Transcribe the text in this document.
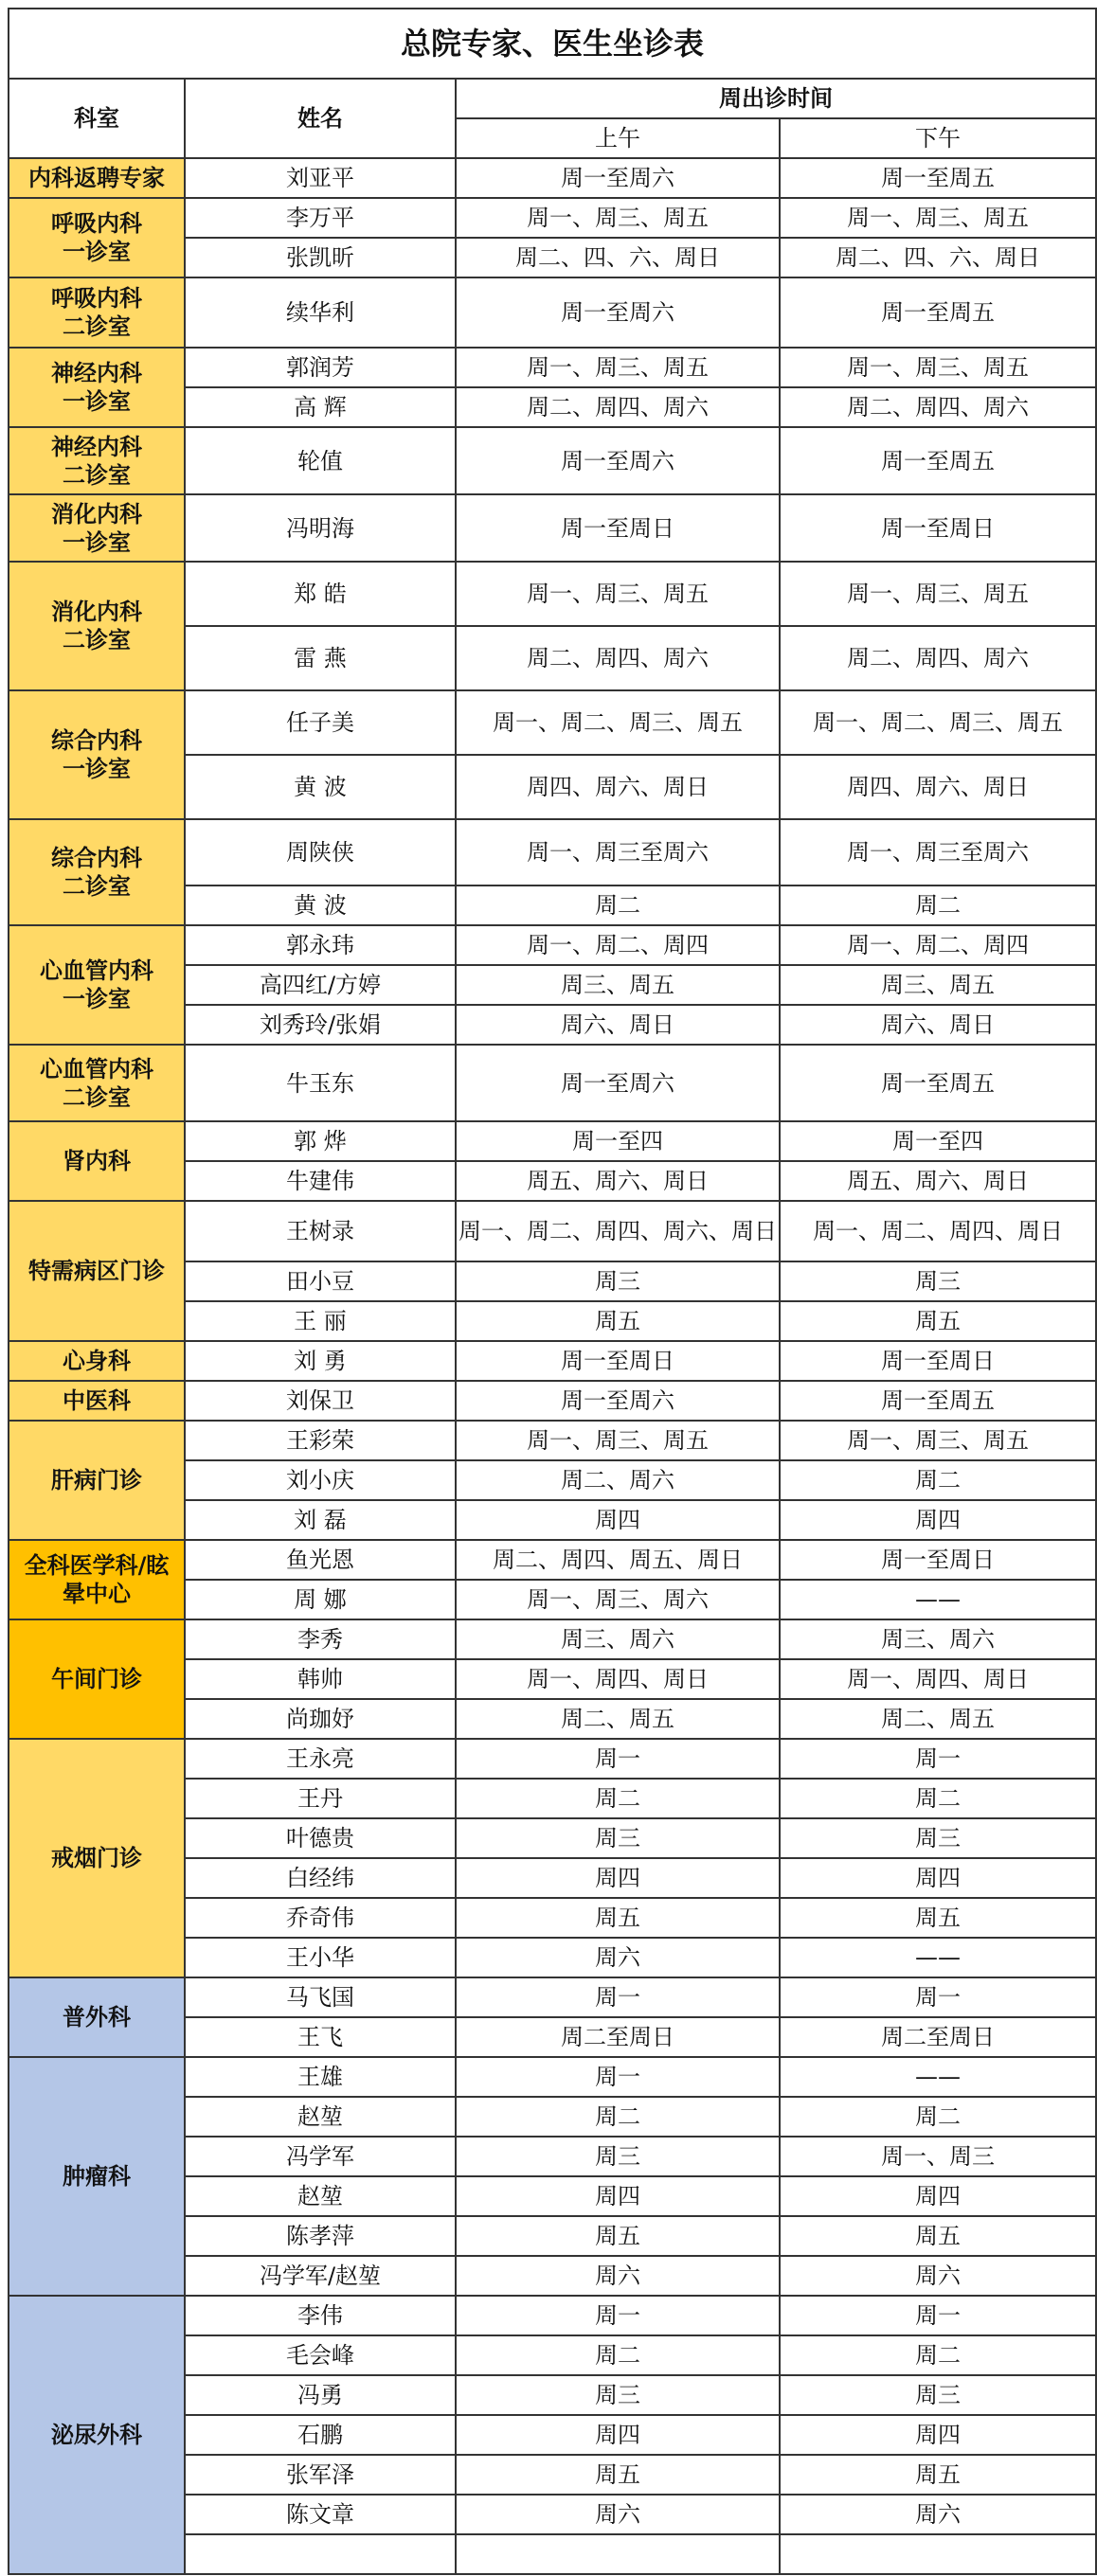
总院专家、医生坐诊表			
科室	姓名	周出诊时间	
		上午	下午
内科返聘专家	刘亚平	周一至周六	周一至周五
呼吸内科
一诊室	李万平	周一、周三、周五	周一、周三、周五
	张凯昕	周二、四、六、周日	周二、四、六、周日
呼吸内科
二诊室	续华利	周一至周六	周一至周五
神经内科
一诊室	郭润芳	周一、周三、周五	周一、周三、周五
	高 辉	周二、周四、周六	周二、周四、周六
神经内科
二诊室	轮值	周一至周六	周一至周五
消化内科
一诊室	冯明海	周一至周日	周一至周日
消化内科
二诊室	郑 皓	周一、周三、周五	周一、周三、周五
	雷 燕	周二、周四、周六	周二、周四、周六
综合内科
一诊室	任子美	周一、周二、周三、周五	周一、周二、周三、周五
	黄 波	周四、周六、周日	周四、周六、周日
综合内科
二诊室	周陕侠	周一、周三至周六	周一、周三至周六
	黄 波	周二	周二
心血管内科
一诊室	郭永玮	周一、周二、周四	周一、周二、周四
	高四红/方婷	周三、周五	周三、周五
	刘秀玲/张娟	周六、周日	周六、周日
心血管内科
二诊室	牛玉东	周一至周六	周一至周五
肾内科	郭 烨	周一至四	周一至四
	牛建伟	周五、周六、周日	周五、周六、周日
特需病区门诊	王树录	周一、周二、周四、周六、周日	周一、周二、周四、周日
	田小豆	周三	周三
	王 丽	周五	周五
心身科	刘 勇	周一至周日	周一至周日
中医科	刘保卫	周一至周六	周一至周五
肝病门诊	王彩荣	周一、周三、周五	周一、周三、周五
	刘小庆	周二、周六	周二
	刘 磊	周四	周四
全科医学科/眩
晕中心	鱼光恩	周二、周四、周五、周日	周一至周日
	周 娜	周一、周三、周六	——
午间门诊	李秀	周三、周六	周三、周六
	韩帅	周一、周四、周日	周一、周四、周日
	尚珈妤	周二、周五	周二、周五
戒烟门诊	王永亮	周一	周一
	王丹	周二	周二
	叶德贵	周三	周三
	白经纬	周四	周四
	乔奇伟	周五	周五
	王小华	周六	——
普外科	马飞国	周一	周一
	王飞	周二至周日	周二至周日
肿瘤科	王雄	周一	——
	赵堃	周二	周二
	冯学军	周三	周一、周三
	赵堃	周四	周四
	陈孝萍	周五	周五
	冯学军/赵堃	周六	周六
泌尿外科	李伟	周一	周一
	毛会峰	周二	周二
	冯勇	周三	周三
	石鹏	周四	周四
	张军泽	周五	周五
	陈文章	周六	周六
